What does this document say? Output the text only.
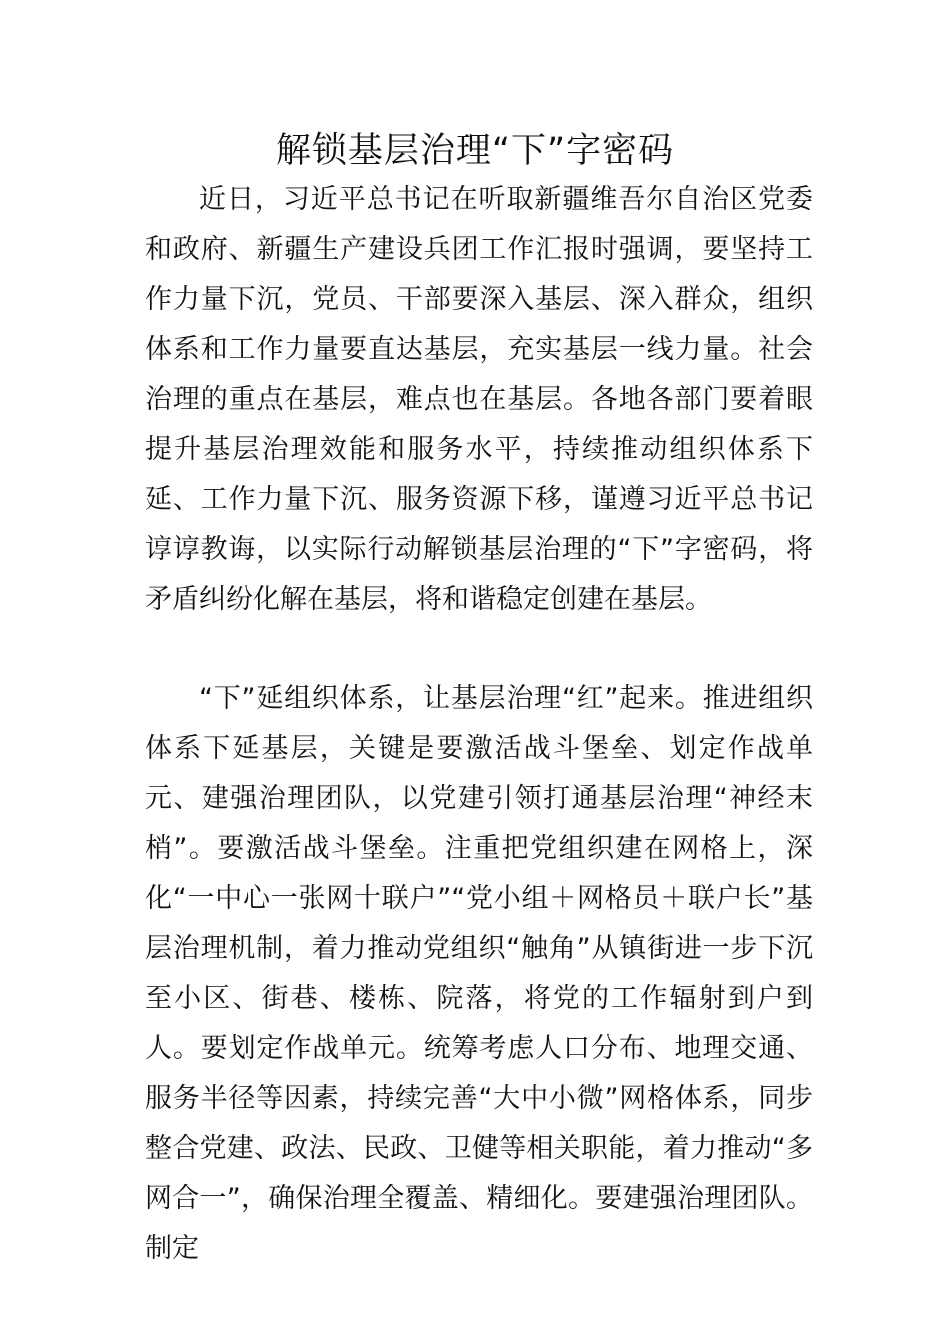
解锁基层治理“下”字密码

近日，习近平总书记在听取新疆维吾尔自治区党委和政府、新疆生产建设兵团工作汇报时强调，要坚持工作力量下沉，党员、干部要深入基层、深入群众，组织体系和工作力量要直达基层，充实基层一线力量。社会治理的重点在基层，难点也在基层。各地各部门要着眼提升基层治理效能和服务水平，持续推动组织体系下延、工作力量下沉、服务资源下移，谨遵习近平总书记谆谆教诲，以实际行动解锁基层治理的“下”字密码，将矛盾纠纷化解在基层，将和谐稳定创建在基层。

“下”延组织体系，让基层治理“红”起来。推进组织体系下延基层，关键是要激活战斗堡垒、划定作战单元、建强治理团队，以党建引领打通基层治理“神经末梢”。要激活战斗堡垒。注重把党组织建在网格上，深化“一中心一张网十联户”“党小组＋网格员＋联户长”基层治理机制，着力推动党组织“触角”从镇街进一步下沉至小区、街巷、楼栋、院落，将党的工作辐射到户到人。要划定作战单元。统筹考虑人口分布、地理交通、服务半径等因素，持续完善“大中小微”网格体系，同步整合党建、政法、民政、卫健等相关职能，着力推动“多网合一”，确保治理全覆盖、精细化。要建强治理团队。制定
